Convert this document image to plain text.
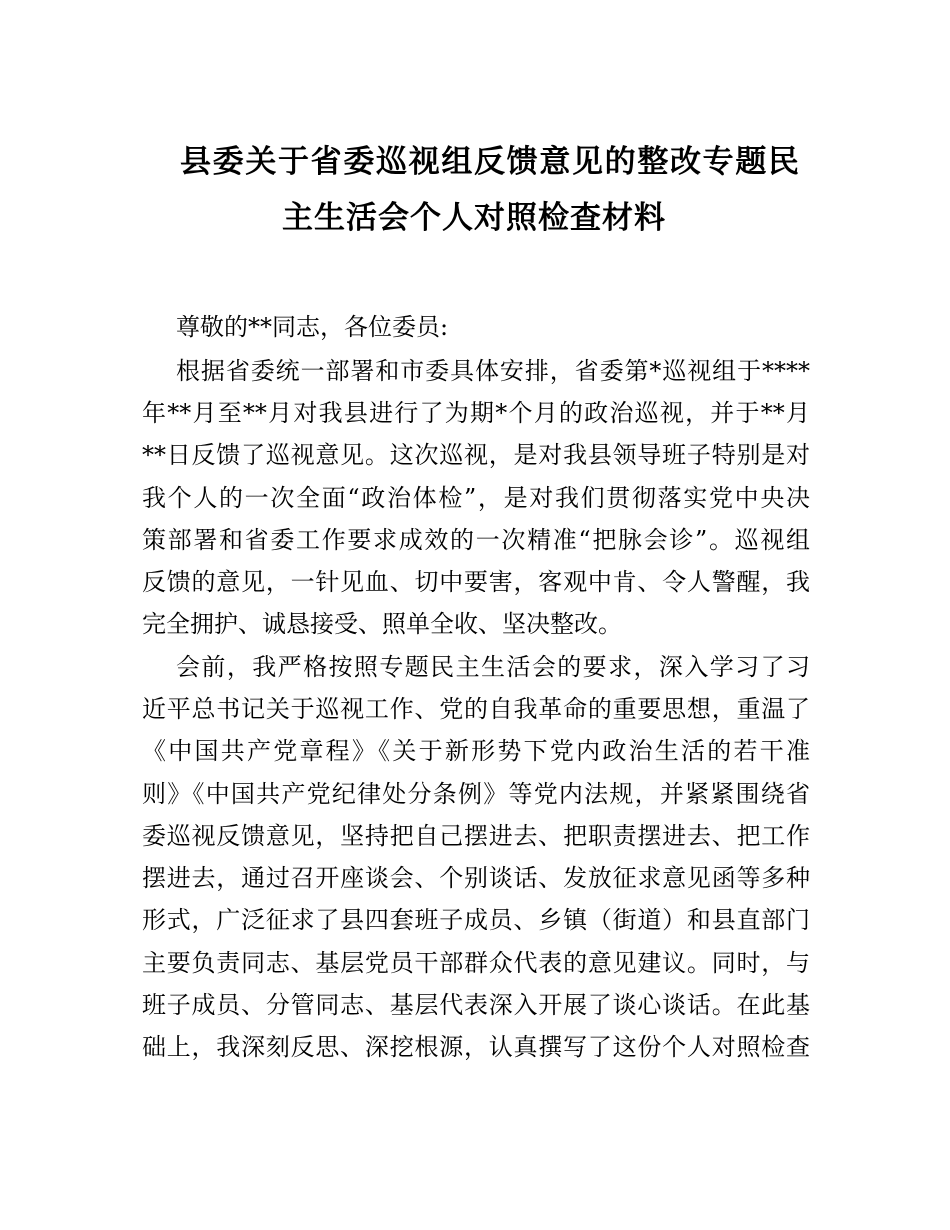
县委关于省委巡视组反馈意见的整改专题民
主生活会个人对照检查材料
尊敬的**同志，各位委员:
根据省委统一部署和市委具体安排，省委第*巡视组于****
年**月至**月对我县进行了为期*个月的政治巡视，并于**月
**日反馈了巡视意见。这次巡视，是对我县领导班子特别是对
我个人的一次全面“政治体检”，是对我们贯彻落实党中央决
策部署和省委工作要求成效的一次精准“把脉会诊”。巡视组
反馈的意见，一针见血、切中要害，客观中肯、令人警醒，我
完全拥护、诚恳接受、照单全收、坚决整改。
会前，我严格按照专题民主生活会的要求，深入学习了习
近平总书记关于巡视工作、党的自我革命的重要思想，重温了
《中国共产党章程》《关于新形势下党内政治生活的若干准
则》《中国共产党纪律处分条例》等党内法规，并紧紧围绕省
委巡视反馈意见，坚持把自己摆进去、把职责摆进去、把工作
摆进去，通过召开座谈会、个别谈话、发放征求意见函等多种
形式，广泛征求了县四套班子成员、乡镇（街道）和县直部门
主要负责同志、基层党员干部群众代表的意见建议。同时，与
班子成员、分管同志、基层代表深入开展了谈心谈话。在此基
础上，我深刻反思、深挖根源，认真撰写了这份个人对照检查
